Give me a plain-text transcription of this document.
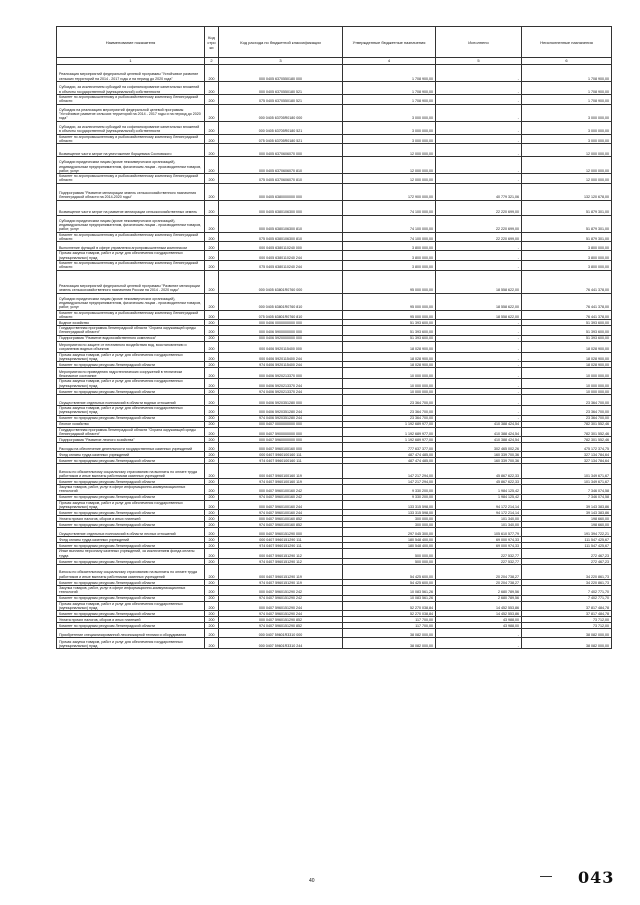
Наименование показателя	Код стро ки	Код расхода по бюджетной классификации	Утвержденные бюджетные назначения	Исполнено	Неисполненные назначения
1	2	3	4	5	6
Реализация мероприятий федеральной целевой программы "Устойчивое развитие сельских территорий на 2014 - 2017 годы и на период до 2020 года"	200	000 0405 6370550180 000	1 708 900,00	-	1 708 900,00
Субсидии, за исключением субсидий на софинансирование капитальных вложений в объекты государственной (муниципальной) собственности	200	000 0405 6370550180 521	1 708 900,00	-	1 708 900,00
Комитет по агропромышленному и рыбохозяйственному комплексу Ленинградской области	200	075 0405 6370550180 521	1 708 900,00	-	1 708 900,00
Субсидия на реализацию мероприятий федеральной целевой программы "Устойчивое развитие сельских территорий на 2014 - 2017 годы и на период до 2020 года"	200	000 0405 63705R0180 000	3 000 000,00	-	3 000 000,00
Субсидии, за исключением субсидий на софинансирование капитальных вложений в объекты государственной (муниципальной) собственности	200	000 0405 63705R0180 521	3 000 000,00	-	3 000 000,00
Комитет по агропромышленному и рыбохозяйственному комплексу Ленинградской области	200	075 0405 63705R0180 521	3 000 000,00	-	3 000 000,00
Возмещение части затрат на уничтожение борщевика Сосновского	200	000 0405 6370606070 000	12 000 000,00	-	12 000 000,00
Субсидии юридическим лицам (кроме некоммерческих организаций), индивидуальным предпринимателям, физическим лицам - производителям товаров, работ, услуг	200	000 0405 6370606070 810	12 000 000,00	-	12 000 000,00
Комитет по агропромышленному и рыбохозяйственному комплексу Ленинградской области	200	075 0405 6370606070 810	12 000 000,00	-	12 000 000,00
Подпрограмма "Развитие мелиорации земель сельскохозяйственного назначения Ленинградской области на 2014-2020 годы"	200	000 0405 6380000000 000	172 900 000,00	40 779 321,06	132 120 678,00
Возмещение части затрат на развитие мелиорации сельскохозяйственных земель	200	000 0405 6380106300 000	74 100 000,00	22 220 699,00	51 879 301,00
Субсидии юридическим лицам (кроме некоммерческих организаций), индивидуальным предпринимателям, физическим лицам - производителям товаров, работ, услуг	200	000 0405 6380106300 810	74 100 000,00	22 220 699,00	51 879 301,00
Комитет по агропромышленному и рыбохозяйственному комплексу Ленинградской области	200	075 0405 6380106300 810	74 100 000,00	22 220 699,00	51 879 301,00
Выполнение функций в сфере управления агропромышленным комплексом	200	000 0405 6380110240 000	3 800 000,00	-	3 800 000,00
Прочая закупка товаров, работ и услуг для обеспечения государственных (муниципальных) нужд	200	000 0405 6380110240 244	3 800 000,00	-	3 800 000,00
Комитет по агропромышленному и рыбохозяйственному комплексу Ленинградской области	200	075 0405 6380110240 244	3 800 000,00	-	3 800 000,00
Реализация мероприятий федеральной целевой программы "Развитие мелиорации земель сельскохозяйственного назначения России на 2014 - 2020 годы"	200	000 0405 63801R0760 000	95 000 000,00	18 558 622,00	76 441 378,00
Субсидии юридическим лицам (кроме некоммерческих организаций), индивидуальным предпринимателям, физическим лицам - производителям товаров, работ, услуг	200	000 0405 63801R0760 810	95 000 000,00	18 558 622,00	76 441 378,00
Комитет по агропромышленному и рыбохозяйственному комплексу Ленинградской области	200	075 0405 63801R0760 810	95 000 000,00	18 558 622,00	76 441 378,00
Водное хозяйство	200	000 0406 0000000000 000	51 393 600,00	-	51 393 600,00
Государственная программа Ленинградской области "Охрана окружающей среды Ленинградской области"	200	000 0406 5900000000 000	51 393 600,00	-	51 393 600,00
Подпрограмма "Развитие водохозяйственного комплекса"	200	000 0406 5920000000 000	51 393 600,00	-	51 393 600,00
Мероприятия по защите от негативного воздействия вод, восстановлению и сохранению водных объектов	200	000 0406 5920115400 000	18 028 900,00	-	18 028 900,00
Прочая закупка товаров, работ и услуг для обеспечения государственных (муниципальных) нужд	200	000 0406 5920115400 244	18 028 900,00	-	18 028 900,00
Комитет по природным ресурсам Ленинградской области	200	974 0406 5920115400 244	18 028 900,00	-	18 028 900,00
Мероприятия по приведению гидротехнических сооружений в технически безопасное состояние	200	000 0406 5920213370 000	10 000 000,00	-	10 000 000,00
Прочая закупка товаров, работ и услуг для обеспечения государственных (муниципальных) нужд	200	000 0406 5920213370 244	10 000 000,00	-	10 000 000,00
Комитет по природным ресурсам Ленинградской области	200	974 0406 5920213370 244	10 000 000,00	-	10 000 000,00
Осуществление отдельных полномочий в области водных отношений	200	000 0406 5920351280 000	23 364 700,00	-	23 364 700,00
Прочая закупка товаров, работ и услуг для обеспечения государственных (муниципальных) нужд	200	000 0406 5920351280 244	23 364 700,00	-	23 364 700,00
Комитет по природным ресурсам Ленинградской области	200	974 0406 5920351280 244	23 364 700,00	-	23 364 700,00
Лесное хозяйство	200	000 0407 0000000000 000	1 192 689 977,00	410 388 424,54	782 301 552,46
Государственная программа Ленинградской области "Охрана окружающей среды Ленинградской области"	200	000 0407 5900000000 000	1 192 689 977,00	410 388 424,54	782 301 552,46
Подпрограмма "Развитие лесного хозяйства"	200	000 0407 5960000000 000	1 192 689 977,00	410 388 424,54	782 301 552,46
Расходы на обеспечение деятельности государственных казенных учреждений	200	000 0407 5960100160 000	777 637 377,00	302 465 002,26	475 172 374,75
Фонд оплаты труда казенных учреждений	200	000 0407 5960100160 111	487 474 485,00	160 339 700,36	327 134 784,64
Комитет по природным ресурсам Ленинградской области	200	974 0407 5960100160 111	487 474 485,00	160 339 700,36	327 134 784,64
Взносы по обязательному социальному страхованию на выплаты по оплате труда работников и иные выплаты работникам казенных учреждений	200	000 0407 5960100160 119	147 217 294,00	45 867 622,33	101 349 671,67
Комитет по природным ресурсам Ленинградской области	200	974 0407 5960100160 119	147 217 294,00	45 867 622,33	101 349 671,67
Закупка товаров, работ, услуг в сфере информационно-коммуникационных технологий	200	000 0407 5960100160 242	9 330 200,00	1 984 125,42	7 346 074,58
Комитет по природным ресурсам Ленинградской области	200	974 0407 5960100160 242	9 330 200,00	1 984 125,42	7 346 074,58
Прочая закупка товаров, работ и услуг для обеспечения государственных (муниципальных) нужд	200	000 0407 5960100160 244	133 315 598,00	94 172 214,14	39 143 383,86
Комитет по природным ресурсам Ленинградской области	200	974 0407 5960100160 244	133 315 598,00	94 172 214,14	39 143 383,86
Уплата прочих налогов, сборов и иных платежей	200	000 0407 5960100160 852	300 000,00	101 340,00	198 660,00
Комитет по природным ресурсам Ленинградской области	200	974 0407 5960100160 852	300 000,00	101 340,00	198 660,00
Осуществление отдельных полномочий в области лесных отношений	200	000 0407 5960151290 000	297 045 300,00	105 610 577,79	191 394 722,21
Фонд оплаты труда казенных учреждений	200	000 0407 5960151290 111	180 548 400,00	69 000 974,33	111 547 425,67
Комитет по природным ресурсам Ленинградской области	200	974 0407 5960151290 111	180 548 400,00	69 000 974,33	111 547 425,67
Иные выплаты персоналу казенных учреждений, за исключением фонда оплаты труда	200	000 0407 5960151290 112	500 000,00	227 532,77	272 467,23
Комитет по природным ресурсам Ленинградской области	200	974 0407 5960151290 112	500 000,00	227 532,77	272 467,23
Взносы по обязательному социальному страхованию на выплаты по оплате труда работников и иные выплаты работникам казенных учреждений	200	000 0407 5960151290 119	54 425 600,00	20 204 738,27	34 220 861,73
Комитет по природным ресурсам Ленинградской области	200	974 0407 5960151290 119	54 425 600,00	20 204 738,27	34 220 861,73
Закупка товаров, работ, услуг в сфере информационно-коммуникационных технологий	200	000 0407 5960151290 242	10 083 561,26	2 680 789,56	7 402 771,70
Комитет по природным ресурсам Ленинградской области	200	974 0407 5960151290 242	10 083 561,26	2 680 789,56	7 402 771,70
Прочая закупка товаров, работ и услуг для обеспечения государственных (муниципальных) нужд	200	000 0407 5960151290 244	52 270 038,84	14 452 553,86	37 817 484,78
Комитет по природным ресурсам Ленинградской области	200	974 0407 5960151290 244	52 270 038,84	14 452 553,86	37 817 484,78
Уплата прочих налогов, сборов и иных платежей	200	000 0407 5960151290 852	117 700,00	43 988,00	73 712,00
Комитет по природным ресурсам Ленинградской области	200	974 0407 5960151290 852	117 700,00	43 988,00	73 712,00
Приобретение специализированной лесопожарной техники и оборудования	200	000 0407 59601R3310 000	38 082 000,00	-	38 082 000,00
Прочая закупка товаров, работ и услуг для обеспечения государственных (муниципальных) нужд	200	000 0407 59601R3310 244	38 082 000,00	-	38 082 000,00
40	043
